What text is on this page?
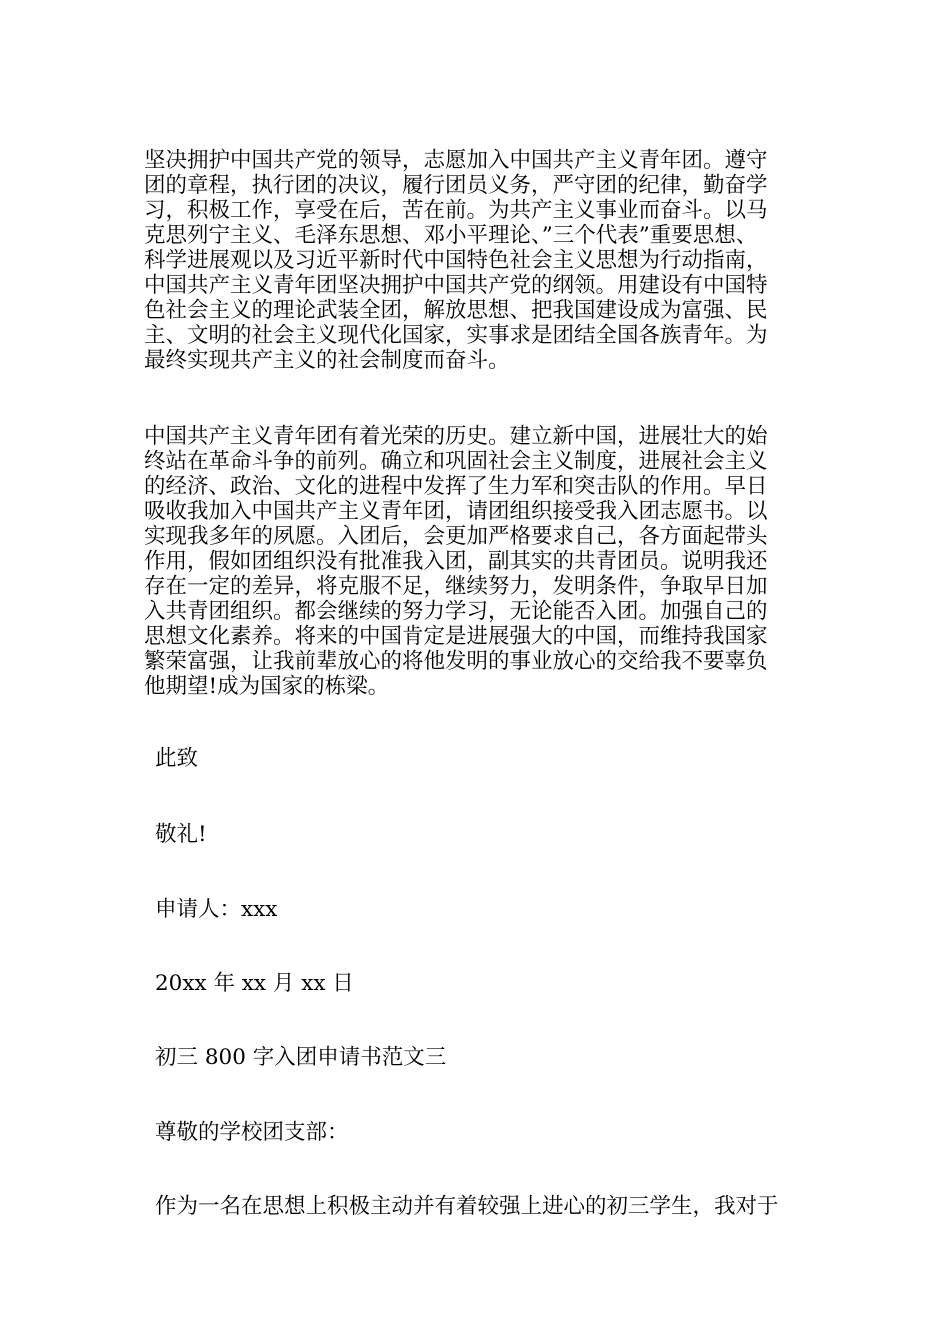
坚决拥护中国共产党的领导，志愿加入中国共产主义青年团。遵守
团的章程，执行团的决议，履行团员义务，严守团的纪律，勤奋学
习，积极工作，享受在后，苦在前。为共产主义事业而奋斗。以马
克思列宁主义、毛泽东思想、邓小平理论、”三个代表”重要思想、
科学进展观以及习近平新时代中国特色社会主义思想为行动指南，
中国共产主义青年团坚决拥护中国共产党的纲领。用建设有中国特
色社会主义的理论武装全团，解放思想、把我国建设成为富强、民
主、文明的社会主义现代化国家，实事求是团结全国各族青年。为
最终实现共产主义的社会制度而奋斗。
中国共产主义青年团有着光荣的历史。建立新中国，进展壮大的始
终站在革命斗争的前列。确立和巩固社会主义制度，进展社会主义
的经济、政治、文化的进程中发挥了生力军和突击队的作用。早日
吸收我加入中国共产主义青年团，请团组织接受我入团志愿书。以
实现我多年的夙愿。入团后，会更加严格要求自己，各方面起带头
作用，假如团组织没有批准我入团，副其实的共青团员。说明我还
存在一定的差异，将克服不足，继续努力，发明条件，争取早日加
入共青团组织。都会继续的努力学习，无论能否入团。加强自己的
思想文化素养。将来的中国肯定是进展强大的中国，而维持我国家
繁荣富强，让我前辈放心的将他发明的事业放心的交给我不要辜负
他期望!成为国家的栋梁。
此致
敬礼!
申请人：xxx
20xx 年 xx 月 xx 日
初三 800 字入团申请书范文三
尊敬的学校团支部：
作为一名在思想上积极主动并有着较强上进心的初三学生，我对于
